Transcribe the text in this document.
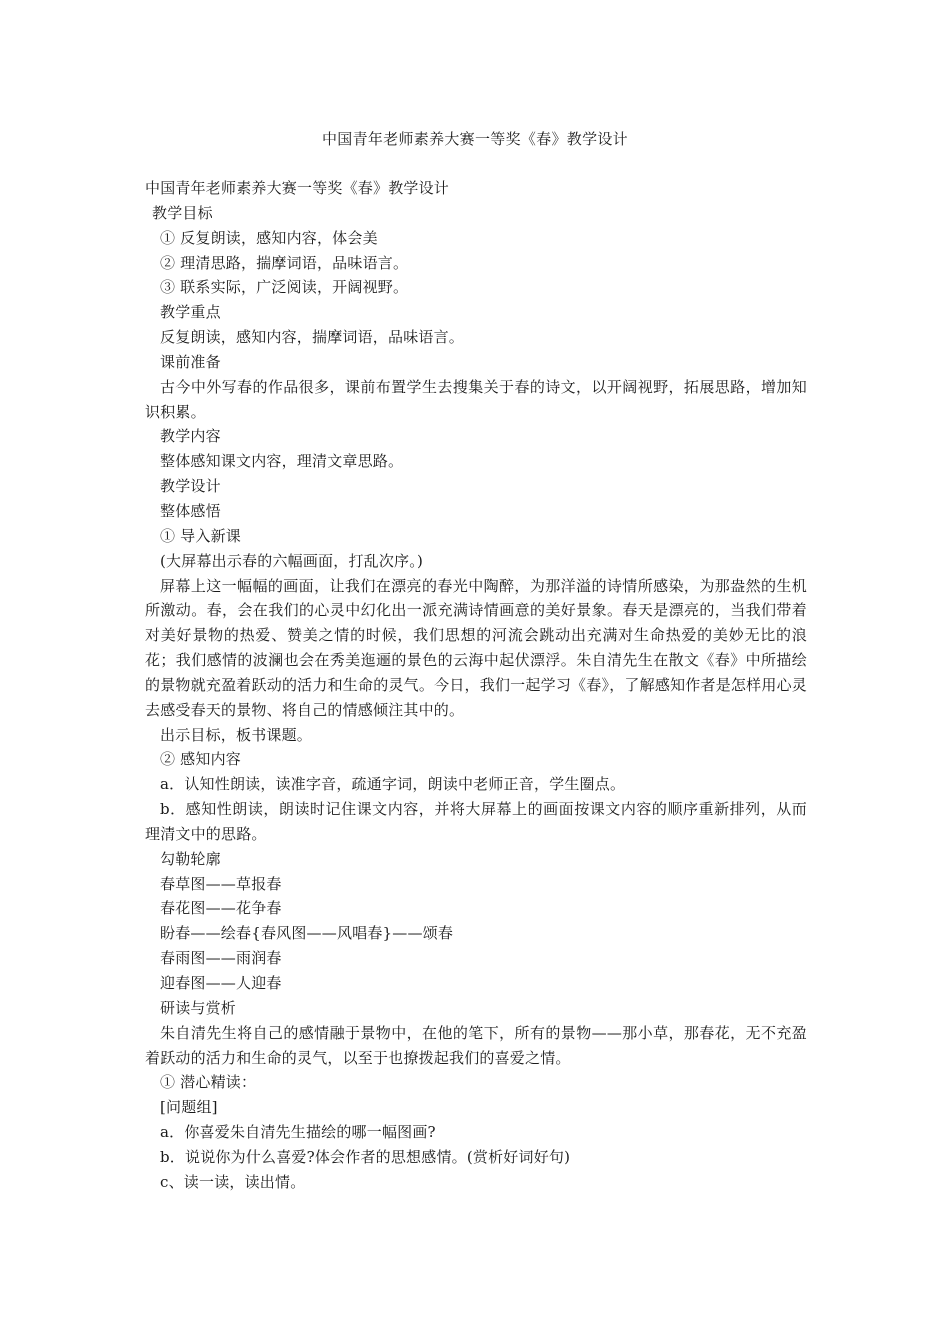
中国青年老师素养大赛一等奖《春》教学设计

中国青年老师素养大赛一等奖《春》教学设计

教学目标

① 反复朗读，感知内容，体会美

② 理清思路，揣摩词语，品味语言。

③ 联系实际，广泛阅读，开阔视野。

教学重点

反复朗读，感知内容，揣摩词语，品味语言。

课前准备

古今中外写春的作品很多，课前布置学生去搜集关于春的诗文，以开阔视野，拓展思路，增加知识积累。

教学内容

整体感知课文内容，理清文章思路。

教学设计

整体感悟

① 导入新课

(大屏幕出示春的六幅画面，打乱次序。)

屏幕上这一幅幅的画面，让我们在漂亮的春光中陶醉，为那洋溢的诗情所感染，为那盎然的生机所激动。春，会在我们的心灵中幻化出一派充满诗情画意的美好景象。春天是漂亮的，当我们带着对美好景物的热爱、赞美之情的时候，我们思想的河流会跳动出充满对生命热爱的美妙无比的浪花；我们感情的波澜也会在秀美迤逦的景色的云海中起伏漂浮。朱自清先生在散文《春》中所描绘的景物就充盈着跃动的活力和生命的灵气。今日，我们一起学习《春》，了解感知作者是怎样用心灵去感受春天的景物、将自己的情感倾注其中的。

出示目标，板书课题。

② 感知内容

a．认知性朗读，读准字音，疏通字词，朗读中老师正音，学生圈点。

b．感知性朗读，朗读时记住课文内容，并将大屏幕上的画面按课文内容的顺序重新排列，从而理清文中的思路。

勾勒轮廓

春草图——草报春

春花图——花争春

盼春——绘春{春风图——风唱春}——颂春

春雨图——雨润春

迎春图——人迎春

研读与赏析

朱自清先生将自己的感情融于景物中，在他的笔下，所有的景物——那小草，那春花，无不充盈着跃动的活力和生命的灵气，以至于也撩拨起我们的喜爱之情。

① 潜心精读：

[问题组]

a．你喜爱朱自清先生描绘的哪一幅图画?

b．说说你为什么喜爱?体会作者的思想感情。(赏析好词好句)

c、读一读，读出情。
